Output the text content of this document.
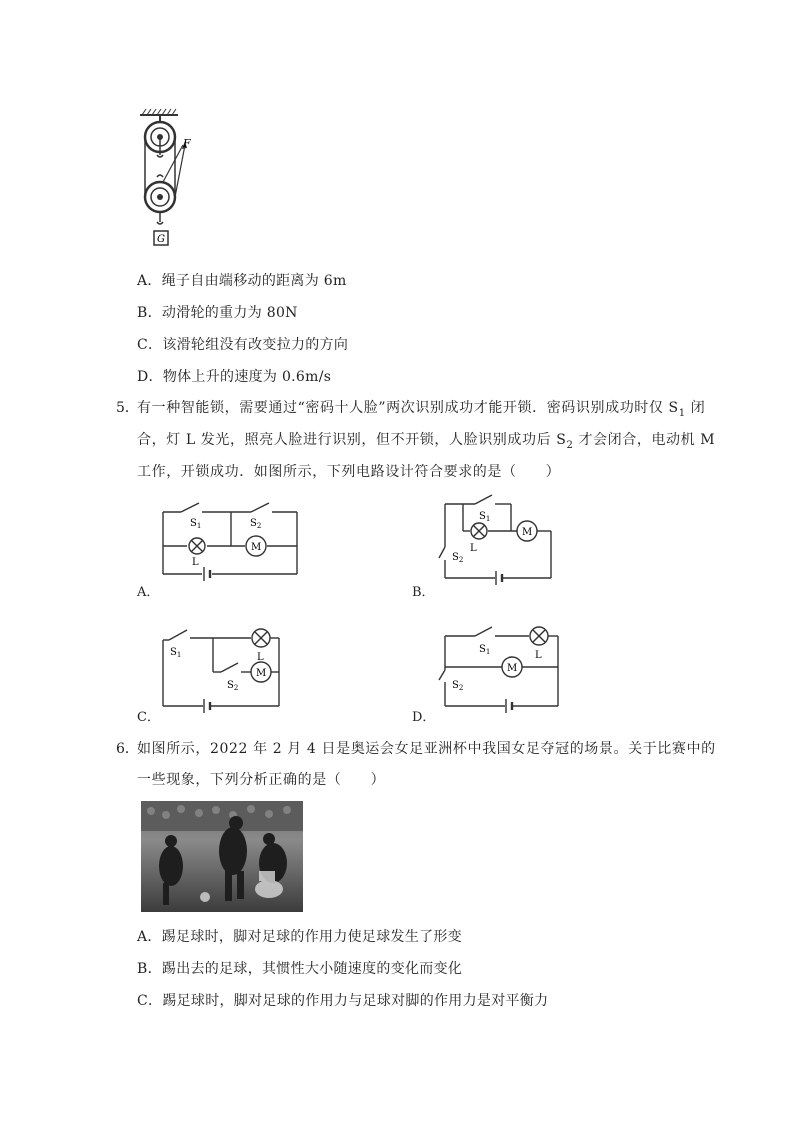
F
G
A．绳子自由端移动的距离为 6m
B．动滑轮的重力为 80N
C．该滑轮组没有改变拉力的方向
D．物体上升的速度为 0.6m/s
5．
有一种智能锁，需要通过“密码十人脸”两次识别成功才能开锁．密码识别成功时仅 $S_1$ 闭
合，灯 L 发光，照亮人脸进行识别，但不开锁，人脸识别成功后 $S_2$ 才会闭合，电动机 M
工作，开锁成功．如图所示，下列电路设计符合要求的是（　　）
$S_1$	$S_2$
L
M
A．
$S_1$
$S_2$
L
M
B．
$S_1$
$S_2$
L
M
C．
$S_1$
$S_2$
L
M
D．
6．
如图所示，2022 年 2 月 4 日是奥运会女足亚洲杯中我国女足夺冠的场景。关于比赛中的
一些现象，下列分析正确的是（　　）
A．踢足球时，脚对足球的作用力使足球发生了形变
B．踢出去的足球，其惯性大小随速度的变化而变化
C．踢足球时，脚对足球的作用力与足球对脚的作用力是对平衡力
